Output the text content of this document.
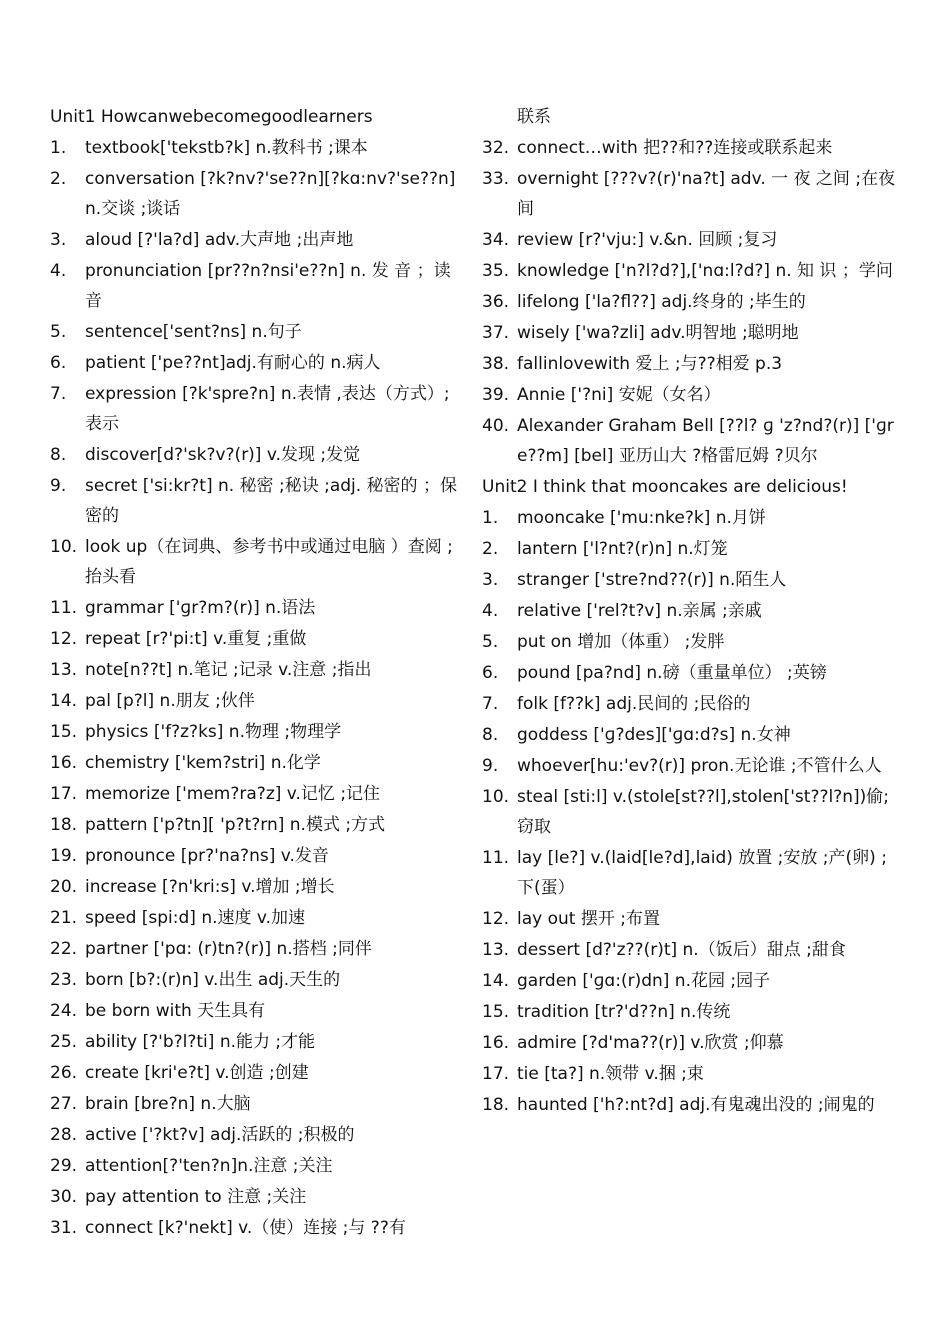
Unit1 Howcanwebecomegoodlearners
1.	textbook['tekstb?k] n.教科书 ;课本
2.	conversation [?k?nv?'se??n][?kɑ:nv?'se??n] n.交谈 ;谈话
3.	aloud [?'la?d] adv.大声地 ;出声地
4.	pronunciation [pr??n?nsi'e??n] n. 发 音 ；读音
5.	sentence['sent?ns] n.句子
6.	patient ['pe??nt]adj.有耐心的 n.病人
7.	expression [?k'spre?n] n.表情 ,表达（方式）;表示
8.	discover[d?'sk?v?(r)] v.发现 ;发觉
9.	secret ['si:kr?t] n. 秘密 ;秘诀 ;adj. 秘密的 ；保密的
10. look up（在词典、参考书中或通过电脑 ）查阅 ;抬头看
11. grammar ['ɡr?m?(r)] n.语法
12. repeat [r?'pi:t] v.重复 ;重做
13. note[n??t] n.笔记 ;记录 v.注意 ;指出
14. pal [p?l] n.朋友 ;伙伴
15. physics ['f?z?ks] n.物理 ;物理学
16. chemistry ['kem?stri] n.化学
17. memorize ['mem?ra?z] v.记忆 ;记住
18. pattern ['p?tn][ 'p?t?rn] n.模式 ;方式
19. pronounce [pr?'na?ns] v.发音
20. increase [?n'kri:s] v.增加 ;增长
21. speed [spi:d] n.速度 v.加速
22. partner ['pɑ: (r)tn?(r)] n.搭档 ;同伴
23. born [b?:(r)n] v.出生 adj.天生的
24. be born with 天生具有
25. ability [?'b?l?ti] n.能力 ;才能
26. create [kri'e?t] v.创造 ;创建
27. brain [bre?n] n.大脑
28. active ['?kt?v] adj.活跃的 ;积极的
29. attention[?'ten?n]n.注意 ;关注
30. pay attention to 注意 ;关注
31. connect [k?'nekt] v.（使）连接 ;与 ??有
联系
32. connect…with 把??和??连接或联系起来
33. overnight [???v?(r)'na?t] adv. 一 夜 之间 ;在夜间
34. review [r?'vju:] v.&n. 回顾 ;复习
35. knowledge ['n?l?d?],['nɑ:l?d?] n. 知 识 ；学问
36. lifelong ['la?fl??] adj.终身的 ;毕生的
37. wisely ['wa?zli] adv.明智地 ;聪明地
38. fallinlovewith 爱上 ;与??相爱 p.3
39. Annie ['?ni] 安妮（女名）
40. Alexander Graham Bell [??l? ɡ 'z?nd?(r)] ['ɡre??m] [bel] 亚历山大 ?格雷厄姆 ?贝尔
Unit2 I think that mooncakes are delicious!
1.	mooncake ['mu:nke?k] n.月饼
2.	lantern ['l?nt?(r)n] n.灯笼
3.	stranger ['stre?nd??(r)] n.陌生人
4.	relative ['rel?t?v] n.亲属 ;亲戚
5.	put on 增加（体重） ;发胖
6.	pound [pa?nd] n.磅（重量单位） ;英镑
7.	folk [f??k] adj.民间的 ;民俗的
8.	goddess ['ɡ?des]['ɡɑ:d?s] n.女神
9.	whoever[hu:'ev?(r)] pron.无论谁 ;不管什么人
10. steal [sti:l] v.(stole[st??l],stolen['st??l?n])偷;窃取
11. lay [le?] v.(laid[le?d],laid) 放置 ;安放 ;产(卵) ;下(蛋）
12. lay out 摆开 ;布置
13. dessert [d?'z??(r)t] n.（饭后）甜点 ;甜食
14. garden ['ɡɑ:(r)dn] n.花园 ;园子
15. tradition [tr?'d??n] n.传统
16. admire [?d'ma??(r)] v.欣赏 ;仰慕
17. tie [ta?] n.领带 v.捆 ;束
18. haunted ['h?:nt?d] adj.有鬼魂出没的 ;闹鬼的
